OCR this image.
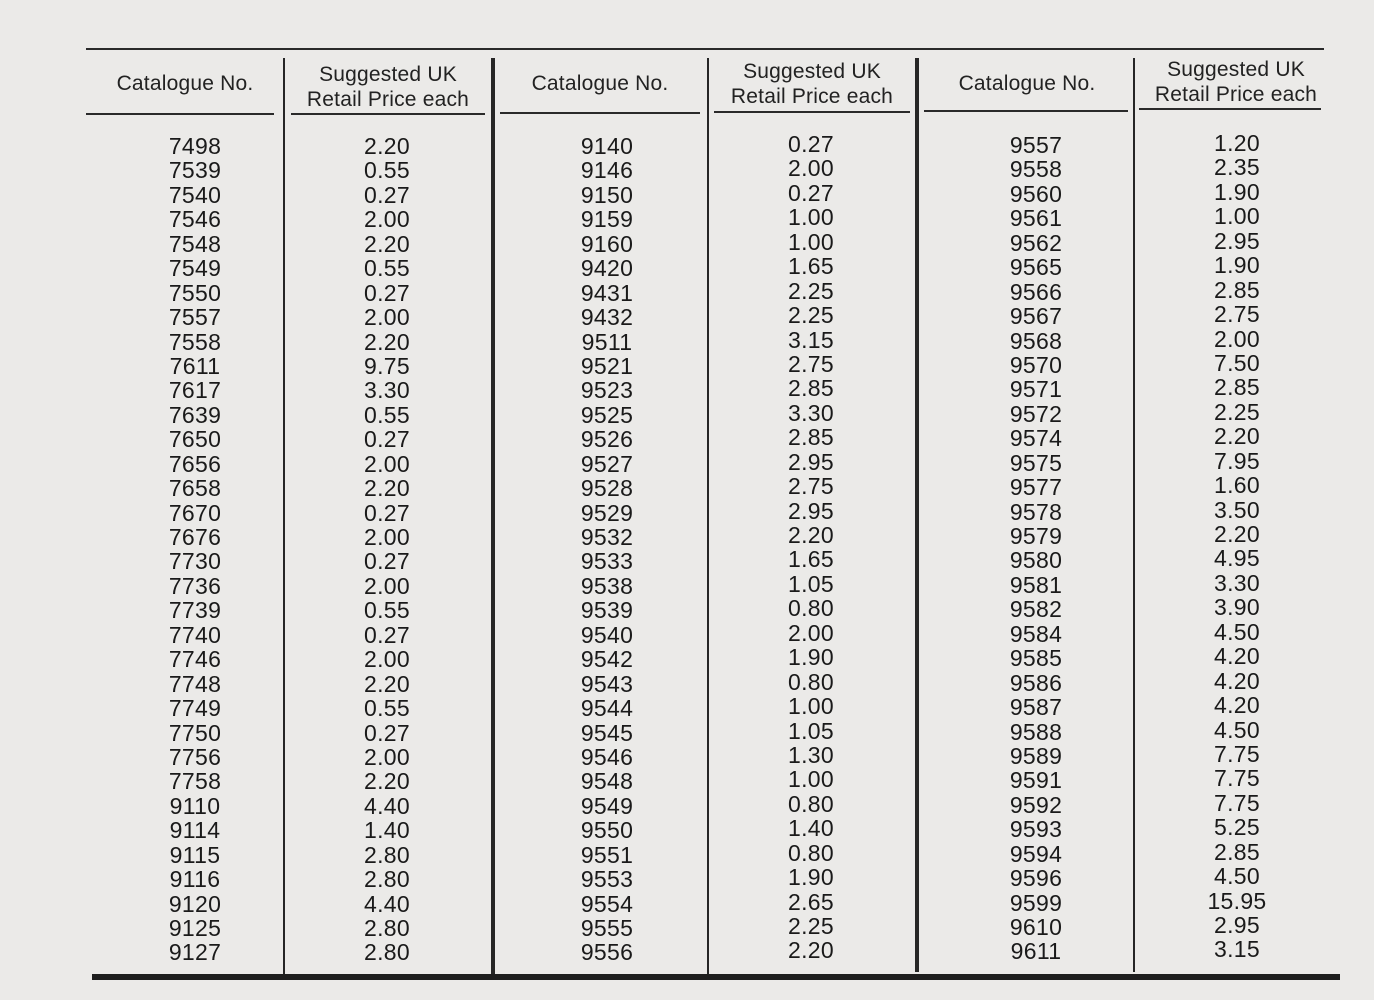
Catalogue No.	Suggested UK
Retail Price each
Catalogue No.	Suggested UK
Retail Price each
Catalogue No.
Suggested UK
Retail Price each
7498
7539
7540
7546
7548
7549
7550
7557
7558
7611
7617
7639
7650
7656
7658
7670
7676
7730
7736
7739
7740
7746
7748
7749
7750
7756
7758
9110
9114
9115
9116
9120
9125
9127
2.20
0.55
0.27
2.00
2.20
0.55
0.27
2.00
2.20
9.75
3.30
0.55
0.27
2.00
2.20
0.27
2.00
0.27
2.00
0.55
0.27
2.00
2.20
0.55
0.27
2.00
2.20
4.40
1.40
2.80
2.80
4.40
2.80
2.80
9140
9146
9150
9159
9160
9420
9431
9432
9511
9521
9523
9525
9526
9527
9528
9529
9532
9533
9538
9539
9540
9542
9543
9544
9545
9546
9548
9549
9550
9551
9553
9554
9555
9556
0.27
2.00
0.27
1.00
1.00
1.65
2.25
2.25
3.15
2.75
2.85
3.30
2.85
2.95
2.75
2.95
2.20
1.65
1.05
0.80
2.00
1.90
0.80
1.00
1.05
1.30
1.00
0.80
1.40
0.80
1.90
2.65
2.25
2.20
9557
9558
9560
9561
9562
9565
9566
9567
9568
9570
9571
9572
9574
9575
9577
9578
9579
9580
9581
9582
9584
9585
9586
9587
9588
9589
9591
9592
9593
9594
9596
9599
9610
9611
1.20
2.35
1.90
1.00
2.95
1.90
2.85
2.75
2.00
7.50
2.85
2.25
2.20
7.95
1.60
3.50
2.20
4.95
3.30
3.90
4.50
4.20
4.20
4.20
4.50
7.75
7.75
7.75
5.25
2.85
4.50
15.95
2.95
3.15
